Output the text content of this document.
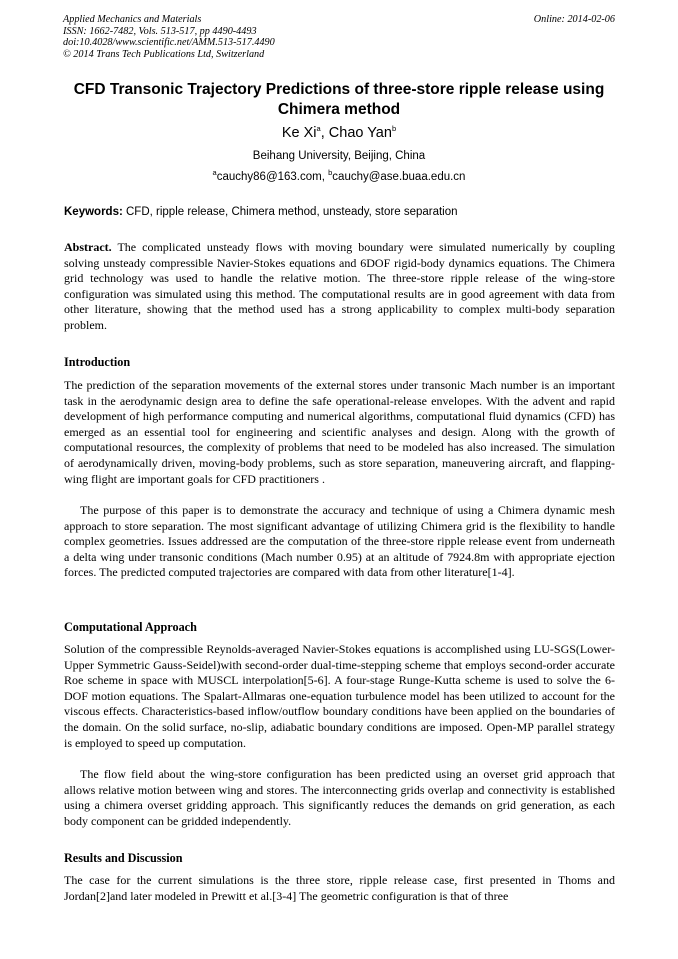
Applied Mechanics and Materials
ISSN: 1662-7482, Vols. 513-517, pp 4490-4493
doi:10.4028/www.scientific.net/AMM.513-517.4490
© 2014 Trans Tech Publications Ltd, Switzerland
Online: 2014-02-06
CFD Transonic Trajectory Predictions of three-store ripple release using
Chimera method
Ke Xi$^a$, Chao Yan$^b$
Beihang University, Beijing, China
$^a$cauchy86@163.com, $^b$cauchy@ase.buaa.edu.cn
Keywords: CFD, ripple release, Chimera method, unsteady, store separation
Abstract. The complicated unsteady flows with moving boundary were simulated numerically by coupling solving unsteady compressible Navier-Stokes equations and 6DOF rigid-body dynamics equations. The Chimera grid technology was used to handle the relative motion. The three-store ripple release of the wing-store configuration was simulated using this method. The computational results are in good agreement with data from other literature, showing that the method used has a strong applicability to complex multi-body separation problem.
Introduction
The prediction of the separation movements of the external stores under transonic Mach number is an important task in the aerodynamic design area to define the safe operational-release envelopes. With the advent and rapid development of high performance computing and numerical algorithms, computational fluid dynamics (CFD) has emerged as an essential tool for engineering and scientific analyses and design. Along with the growth of computational resources, the complexity of problems that need to be modeled has also increased. The simulation of aerodynamically driven, moving-body problems, such as store separation, maneuvering aircraft, and flapping-wing flight are important goals for CFD practitioners .
The purpose of this paper is to demonstrate the accuracy and technique of using a Chimera dynamic mesh approach to store separation. The most significant advantage of utilizing Chimera grid is the flexibility to handle complex geometries. Issues addressed are the computation of the three-store ripple release event from underneath a delta wing under transonic conditions (Mach number 0.95) at an altitude of 7924.8m with appropriate ejection forces. The predicted computed trajectories are compared with data from other literature[1-4].
Computational Approach
Solution of the compressible Reynolds-averaged Navier-Stokes equations is accomplished using LU-SGS(Lower-Upper Symmetric Gauss-Seidel)with second-order dual-time-stepping scheme that employs second-order accurate Roe scheme in space with MUSCL interpolation[5-6]. A four-stage Runge-Kutta scheme is used to solve the 6-DOF motion equations. The Spalart-Allmaras one-equation turbulence model has been utilized to account for the viscous effects. Characteristics-based inflow/outflow boundary conditions have been applied on the boundaries of the domain. On the solid surface, no-slip, adiabatic boundary conditions are imposed. Open-MP parallel strategy is employed to speed up computation.
The flow field about the wing-store configuration has been predicted using an overset grid approach that allows relative motion between wing and stores. The interconnecting grids overlap and connectivity is established using a chimera overset gridding approach. This significantly reduces the demands on grid generation, as each body component can be gridded independently.
Results and Discussion
The case for the current simulations is the three store, ripple release case, first presented in Thoms and Jordan[2]and later modeled in Prewitt et al.[3-4] The geometric configuration is that of three
